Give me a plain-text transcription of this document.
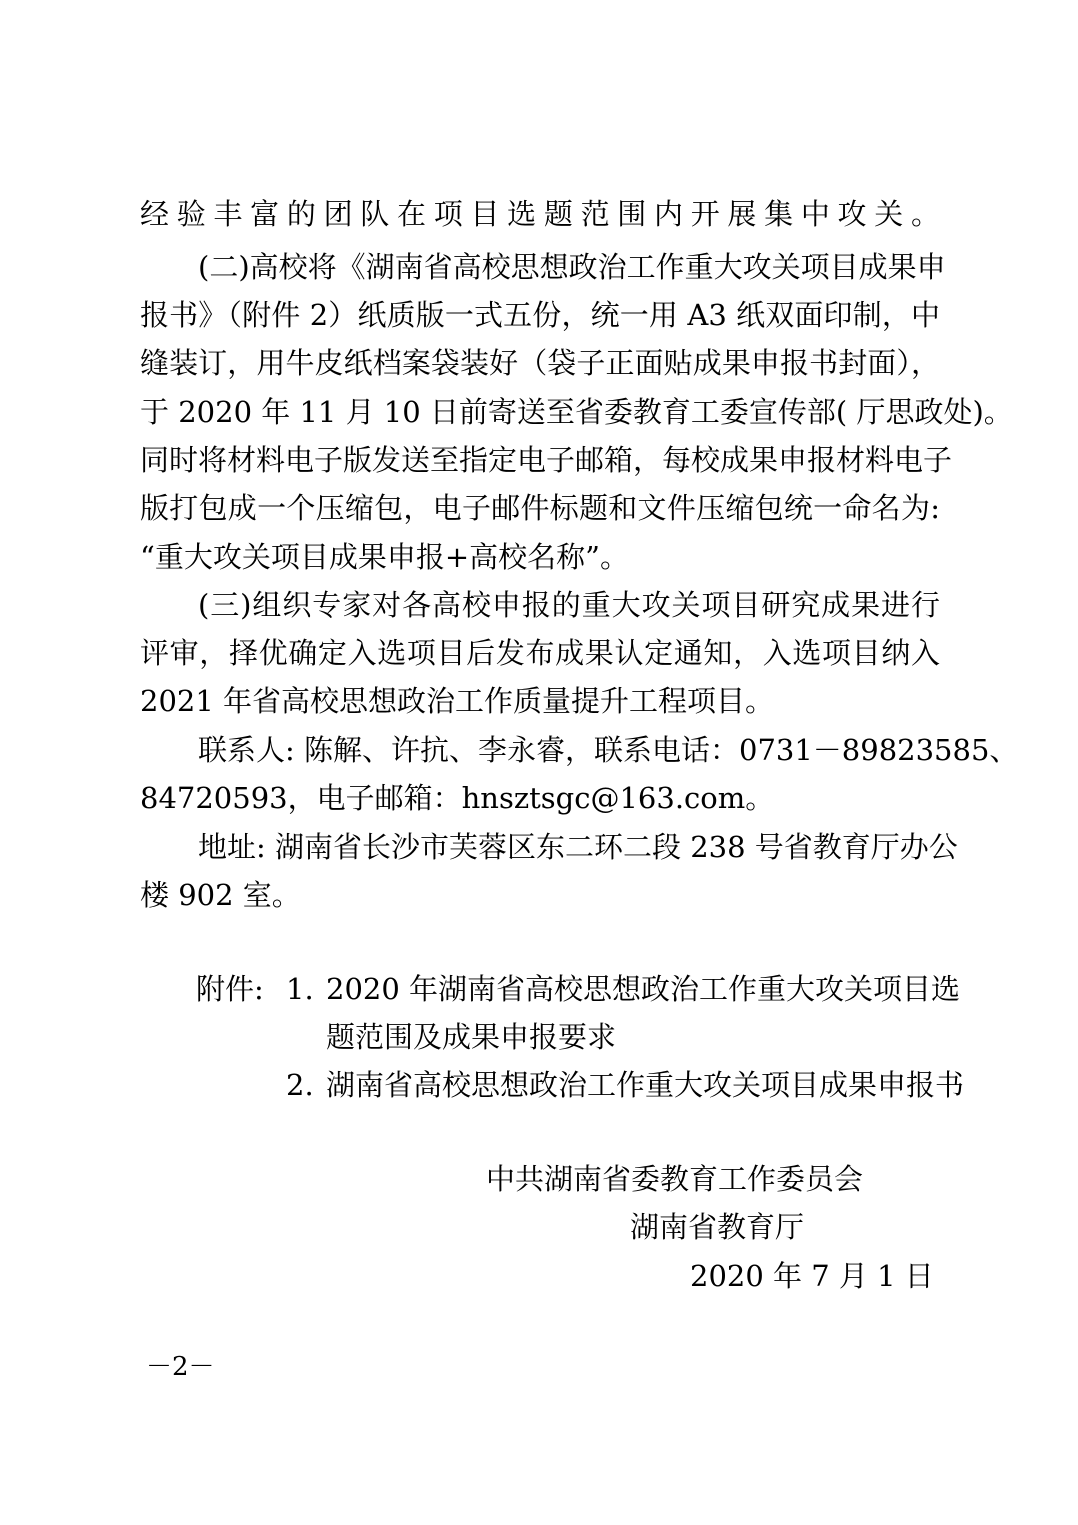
经验丰富的团队在项目选题范围内开展集中攻关。

(二)高校将《湖南省高校思想政治工作重大攻关项目成果申

报书》（附件 2）纸质版一式五份，统一用 A3 纸双面印制，中

缝装订，用牛皮纸档案袋装好（袋子正面贴成果申报书封面），

于 2020 年 11 月 10 日前寄送至省委教育工委宣传部( 厅思政处)。

同时将材料电子版发送至指定电子邮箱，每校成果申报材料电子

版打包成一个压缩包，电子邮件标题和文件压缩包统一命名为:

“重大攻关项目成果申报+高校名称”。

(三)组织专家对各高校申报的重大攻关项目研究成果进行

评审，择优确定入选项目后发布成果认定通知，入选项目纳入

2021 年省高校思想政治工作质量提升工程项目。

联系人: 陈解、许抗、李永睿，联系电话：0731－89823585、

84720593，电子邮箱：hnsztsgc@163.com。

地址: 湖南省长沙市芙蓉区东二环二段 238 号省教育厅办公

楼 902 室。

附件: 1. 2020 年湖南省高校思想政治工作重大攻关项目选

题范围及成果申报要求

2. 湖南省高校思想政治工作重大攻关项目成果申报书

中共湖南省委教育工作委员会
湖南省教育厅
2020 年 7 月 1 日
－2－
